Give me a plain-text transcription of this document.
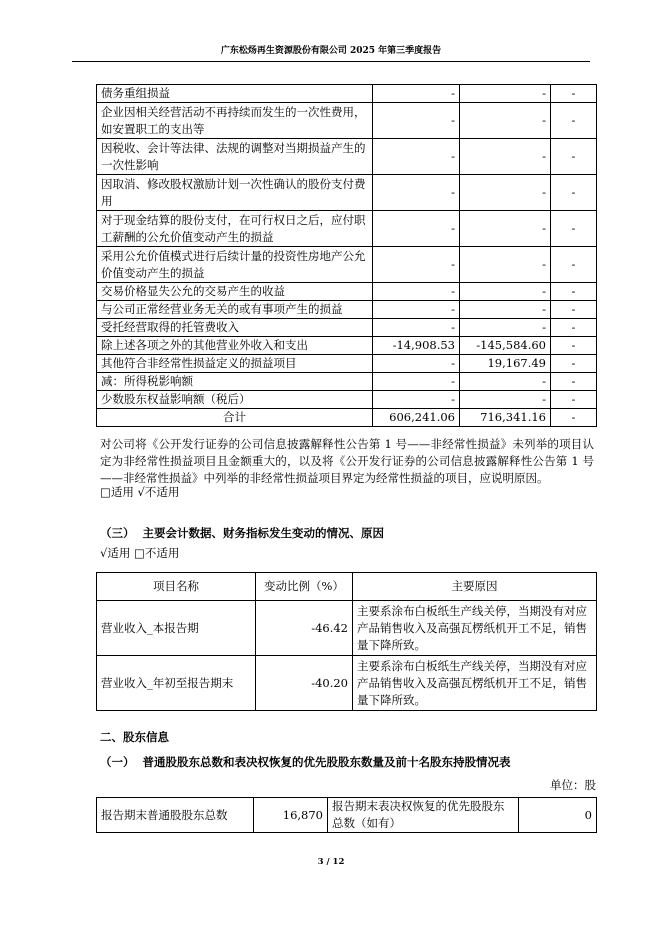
广东松炀再生资源股份有限公司 2025 年第三季度报告
债务重组损益	-	-	-
企业因相关经营活动不再持续而发生的一次性费用，如安置职工的支出等	-	-	-
因税收、会计等法律、法规的调整对当期损益产生的一次性影响	-	-	-
因取消、修改股权激励计划一次性确认的股份支付费用	-	-	-
对于现金结算的股份支付，在可行权日之后，应付职工薪酬的公允价值变动产生的损益	-	-	-
采用公允价值模式进行后续计量的投资性房地产公允价值变动产生的损益	-	-	-
交易价格显失公允的交易产生的收益	-	-	-
与公司正常经营业务无关的或有事项产生的损益	-	-	-
受托经营取得的托管费收入	-	-	-
除上述各项之外的其他营业外收入和支出	-14,908.53	-145,584.60	-
其他符合非经常性损益定义的损益项目	-	19,167.49	-
减：所得税影响额	-	-	-
少数股东权益影响额（税后）	-	-	-
合计	606,241.06	716,341.16	-
对公司将《公开发行证券的公司信息披露解释性公告第 1 号——非经常性损益》未列举的项目认定为非经常性损益项目且金额重大的，以及将《公开发行证券的公司信息披露解释性公告第 1 号——非经常性损益》中列举的非经常性损益项目界定为经常性损益的项目，应说明原因。
□适用 √不适用
（三） 主要会计数据、财务指标发生变动的情况、原因
√适用 □不适用
项目名称	变动比例（%）	主要原因
营业收入_本报告期	-46.42	主要系涂布白板纸生产线关停，当期没有对应产品销售收入及高强瓦楞纸机开工不足，销售量下降所致。
营业收入_年初至报告期末	-40.20	主要系涂布白板纸生产线关停，当期没有对应产品销售收入及高强瓦楞纸机开工不足，销售量下降所致。
二、股东信息
（一） 普通股股东总数和表决权恢复的优先股股东数量及前十名股东持股情况表
单位：股
报告期末普通股股东总数	16,870	报告期末表决权恢复的优先股股东总数（如有）	0
3 / 12
